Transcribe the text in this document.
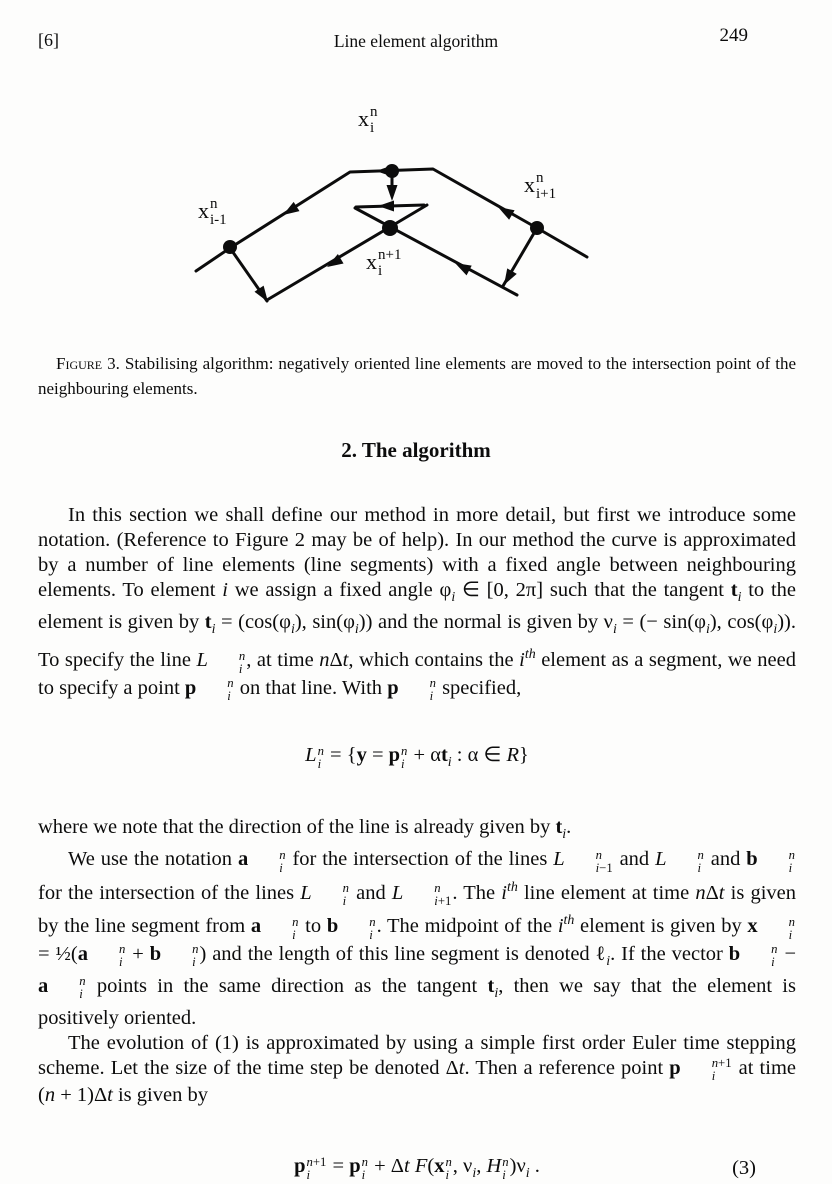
[6]	Line element algorithm	249
x n
i
x n
i-1
x n
i+1
x n+1
i

Figure 3. Stabilising algorithm: negatively oriented line elements are moved to the intersection point of the neighbouring elements.

2. The algorithm

In this section we shall define our method in more detail, but first we introduce some notation. (Reference to Figure 2 may be of help). In our method the curve is approximated by a number of line elements (line segments) with a fixed angle between neighbouring elements. To element i we assign a fixed angle $\varphi_i$ ∈ [0, 2π] such that the tangent $t_i$ to the element is given by $t_i = (\cos(\varphi_i)$, $\sin(\varphi_i)$) and the normal is given by $\nu_i$ = (− $\sin(\varphi_i)$, $\cos(\varphi_i)$). To specify the line L	n
i , at time nΔt, which contains the $i^{th}$ element as a segment, we need to specify a point p	n
i on that line. With p	n
i specified,

L n
i = {y = p n
$i + \alpha t_i$ : α ∈ R}

where we note that the direction of the line is already given by $t_i$.

We use the notation a	n
i for the intersection of the lines L	n
i−1 and L	n
i and b	n
i
for the intersection of the lines L	n
i and L	n
i+1 . The $i^{th}$ line element at time nΔt is given by the line segment from a	n
i to b	n
i . The midpoint of the $i^{th}$ element is given by x	n
i
= ½(a	n
i + b	n
i ) and the length of this line segment is denoted ℓ$_i$. If the vector b	n
i − a	n
i points in the same direction as the tangent $t_i$, then we say that the element is positively oriented.

The evolution of (1) is approximated by using a simple first order Euler time stepping scheme. Let the size of the time step be denoted Δt. Then a reference point p	n+1
i at time (n + 1)Δt is given by

p n+1
i = p n
i + Δt F(x n
i , $\nu_i$, H n
i )$\nu_i$ .	(3)
